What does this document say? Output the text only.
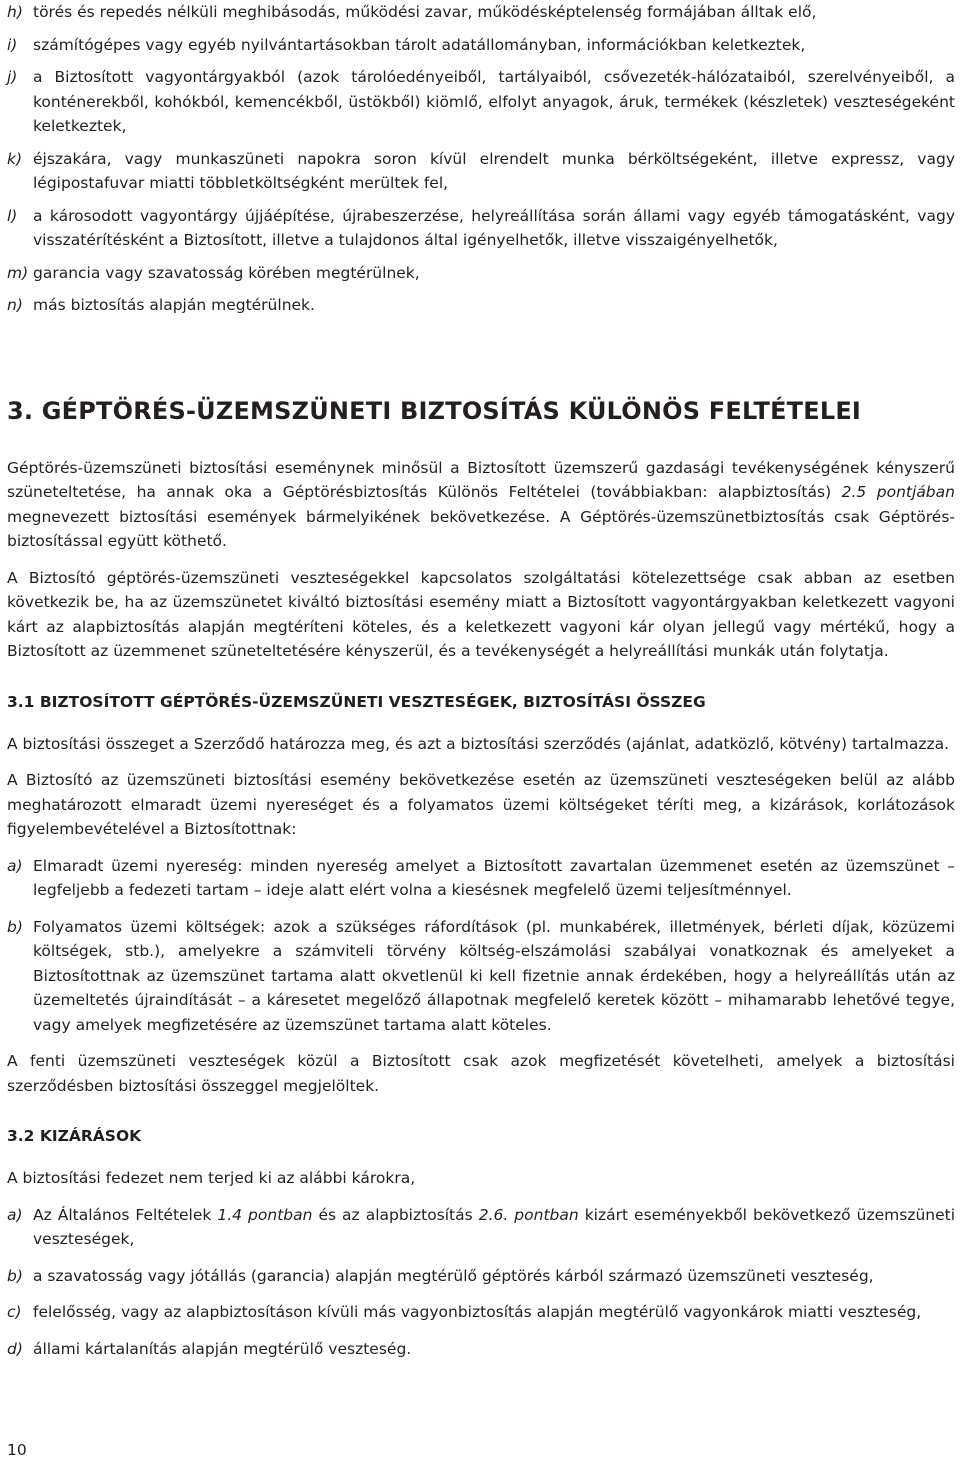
h) törés és repedés nélküli meghibásodás, működési zavar, működésképtelenség formájában álltak elő,

i) számítógépes vagy egyéb nyilvántartásokban tárolt adatállományban, információkban keletkeztek,

j) a Biztosított vagyontárgyakból (azok tárolóedényeiből, tartályaiból, csővezeték-hálózataiból, szerelvényeiből, a konténerekből, kohókból, kemencékből, üstökből) kiömlő, elfolyt anyagok, áruk, termékek (készletek) veszteségeként keletkeztek,

k) éjszakára, vagy munkaszüneti napokra soron kívül elrendelt munka bérköltségeként, illetve expressz, vagy légipostafuvar miatti többletköltségként merültek fel,

l) a károsodott vagyontárgy újjáépítése, újrabeszerzése, helyreállítása során állami vagy egyéb támogatásként, vagy visszatérítésként a Biztosított, illetve a tulajdonos által igényelhetők, illetve visszaigényelhetők,

m) garancia vagy szavatosság körében megtérülnek,

n) más biztosítás alapján megtérülnek.

3. GÉPTÖRÉS-ÜZEMSZÜNETI BIZTOSÍTÁS KÜLÖNÖS FELTÉTELEI

Géptörés-üzemszüneti biztosítási eseménynek minősül a Biztosított üzemszerű gazdasági tevékenységének kényszerű szüneteltetése, ha annak oka a Géptörésbiztosítás Különös Feltételei (továbbiakban: alapbiztosítás) 2.5 pontjában megnevezett biztosítási események bármelyikének bekövetkezése. A Géptörés-üzemszünetbiztosítás csak Géptörés-biztosítással együtt köthető.

A Biztosító géptörés-üzemszüneti veszteségekkel kapcsolatos szolgáltatási kötelezettsége csak abban az esetben következik be, ha az üzemszünetet kiváltó biztosítási esemény miatt a Biztosított vagyontárgyakban keletkezett vagyoni kárt az alapbiztosítás alapján megtéríteni köteles, és a keletkezett vagyoni kár olyan jellegű vagy mértékű, hogy a Biztosított az üzemmenet szüneteltetésére kényszerül, és a tevékenységét a helyreállítási munkák után folytatja.

3.1 BIZTOSÍTOTT GÉPTÖRÉS-ÜZEMSZÜNETI VESZTESÉGEK, BIZTOSÍTÁSI ÖSSZEG

A biztosítási összeget a Szerződő határozza meg, és azt a biztosítási szerződés (ajánlat, adatközlő, kötvény) tartalmazza.

A Biztosító az üzemszüneti biztosítási esemény bekövetkezése esetén az üzemszüneti veszteségeken belül az alább meghatározott elmaradt üzemi nyereséget és a folyamatos üzemi költségeket téríti meg, a kizárások, korlátozások figyelembevételével a Biztosítottnak:

a) Elmaradt üzemi nyereség: minden nyereség amelyet a Biztosított zavartalan üzemmenet esetén az üzemszünet – legfeljebb a fedezeti tartam – ideje alatt elért volna a kiesésnek megfelelő üzemi teljesítménnyel.

b) Folyamatos üzemi költségek: azok a szükséges ráfordítások (pl. munkabérek, illetmények, bérleti díjak, közüzemi költségek, stb.), amelyekre a számviteli törvény költség-elszámolási szabályai vonatkoznak és amelyeket a Biztosítottnak az üzemszünet tartama alatt okvetlenül ki kell fizetnie annak érdekében, hogy a helyreállítás után az üzemeltetés újraindítását – a káresetet megelőző állapotnak megfelelő keretek között – mihamarabb lehetővé tegye, vagy amelyek megfizetésére az üzemszünet tartama alatt köteles.

A fenti üzemszüneti veszteségek közül a Biztosított csak azok megfizetését követelheti, amelyek a biztosítási szerződésben biztosítási összeggel megjelöltek.

3.2 KIZÁRÁSOK

A biztosítási fedezet nem terjed ki az alábbi károkra,

a) Az Általános Feltételek 1.4 pontban és az alapbiztosítás 2.6. pontban kizárt eseményekből bekövetkező üzemszüneti veszteségek,

b) a szavatosság vagy jótállás (garancia) alapján megtérülő géptörés kárból származó üzemszüneti veszteség,

c) felelősség, vagy az alapbiztosításon kívüli más vagyonbiztosítás alapján megtérülő vagyonkárok miatti veszteség,

d) állami kártalanítás alapján megtérülő veszteség.

10
